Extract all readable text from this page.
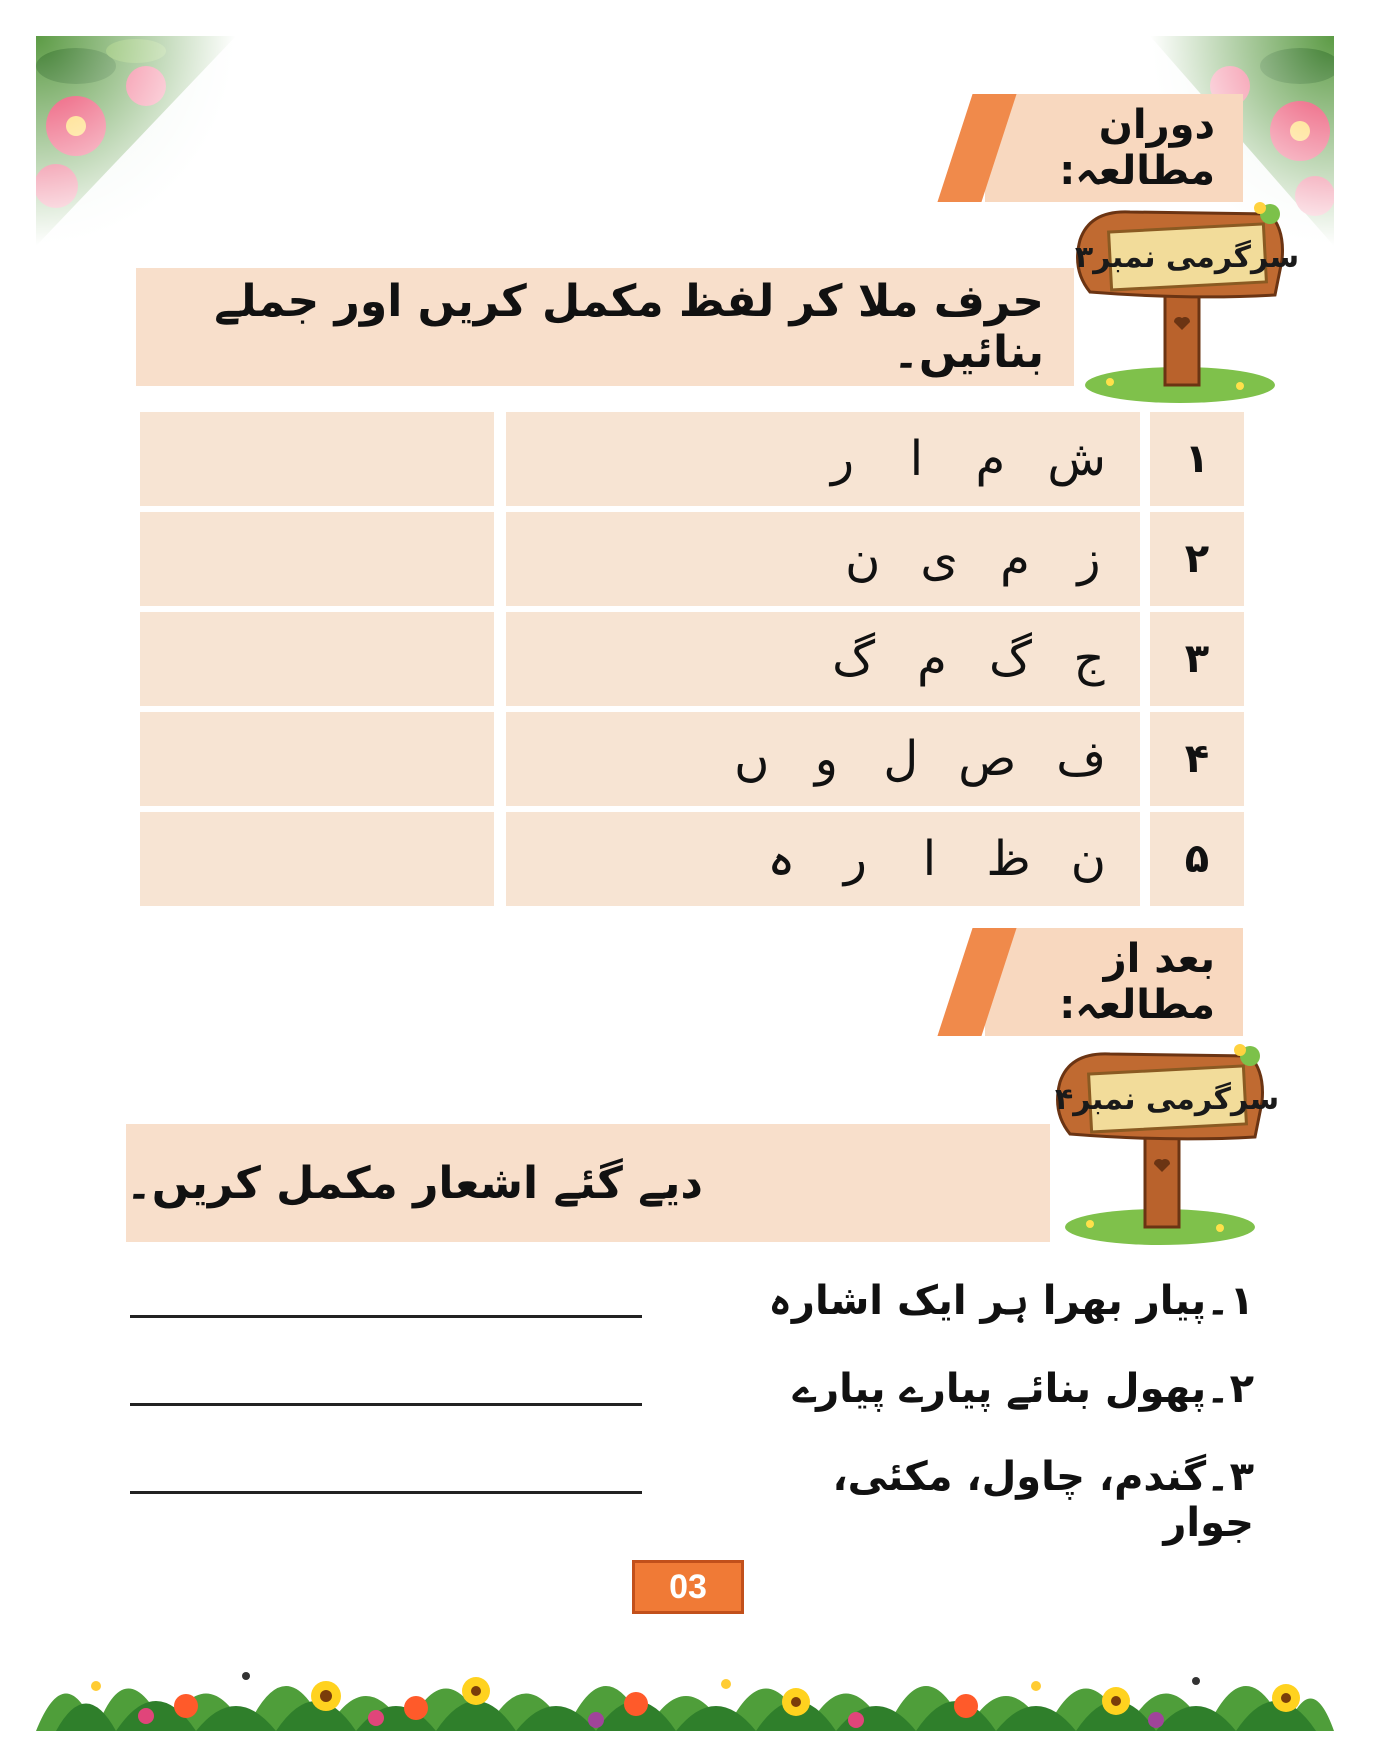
دوران مطالعہ:
سرگرمی نمبر۳
حرف ملا کر لفظ مکمل کریں اور جملے بنائیں۔
١
ش
م
ا
ر
٢
ز
م
ی
ن
٣
ج
گ
م
گ
۴
ف
ص
ل
و
ں
۵
ن
ظ
ا
ر
ہ
بعد از مطالعہ:
سرگرمی نمبر۴
دیے گئے اشعار مکمل کریں۔
١۔پیار بھرا ہر ایک اشارہ
٢۔پھول بنائے پیارے پیارے
٣۔گندم، چاول، مکئی، جوار
03
